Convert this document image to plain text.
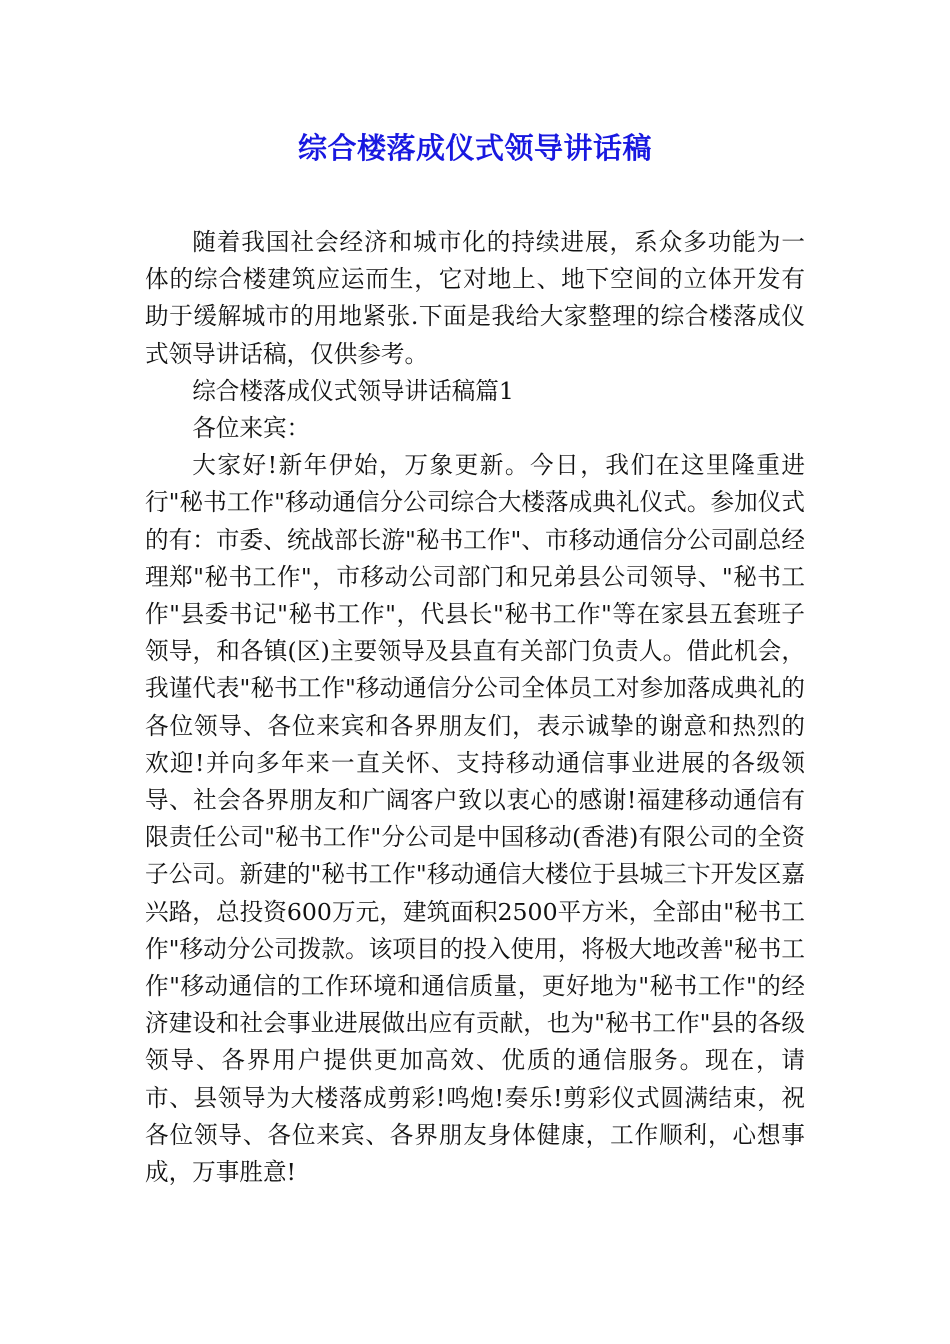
综合楼落成仪式领导讲话稿

随着我国社会经济和城市化的持续进展，系众多功能为一体的综合楼建筑应运而生，它对地上、地下空间的立体开发有助于缓解城市的用地紧张.下面是我给大家整理的综合楼落成仪式领导讲话稿，仅供参考。

综合楼落成仪式领导讲话稿篇1

各位来宾：

大家好!新年伊始，万象更新。今日，我们在这里隆重进行"秘书工作"移动通信分公司综合大楼落成典礼仪式。参加仪式的有：市委、统战部长游"秘书工作"、市移动通信分公司副总经理郑"秘书工作"，市移动公司部门和兄弟县公司领导、"秘书工作"县委书记"秘书工作"，代县长"秘书工作"等在家县五套班子领导，和各镇(区)主要领导及县直有关部门负责人。借此机会，我谨代表"秘书工作"移动通信分公司全体员工对参加落成典礼的各位领导、各位来宾和各界朋友们，表示诚挚的谢意和热烈的欢迎!并向多年来一直关怀、支持移动通信事业进展的各级领导、社会各界朋友和广阔客户致以衷心的感谢!福建移动通信有限责任公司"秘书工作"分公司是中国移动(香港)有限公司的全资子公司。新建的"秘书工作"移动通信大楼位于县城三卞开发区嘉兴路，总投资600万元，建筑面积2500平方米，全部由"秘书工作"移动分公司拨款。该项目的投入使用，将极大地改善"秘书工作"移动通信的工作环境和通信质量，更好地为"秘书工作"的经济建设和社会事业进展做出应有贡献，也为"秘书工作"县的各级领导、各界用户提供更加高效、优质的通信服务。现在，请市、县领导为大楼落成剪彩!鸣炮!奏乐!剪彩仪式圆满结束，祝各位领导、各位来宾、各界朋友身体健康，工作顺利，心想事成，万事胜意!
